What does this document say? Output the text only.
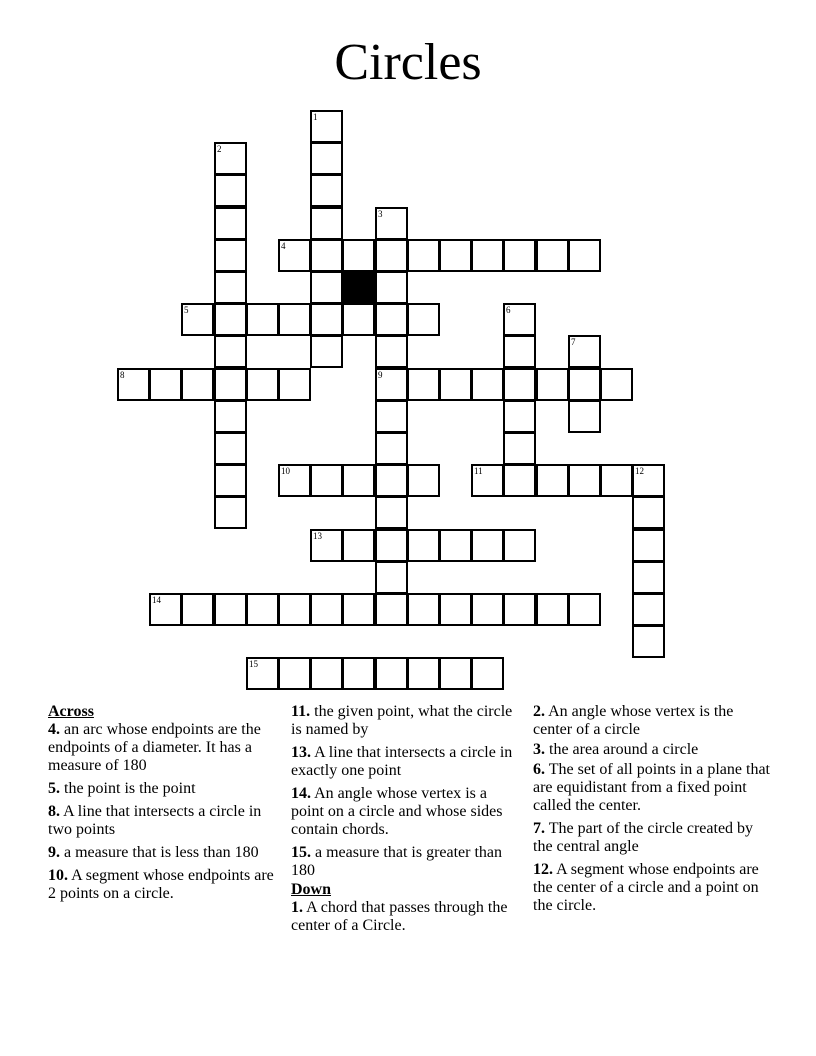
Circles
1
2
3
4
5	6
7
8	9
10	11	12
13
14
15
Across
4. an arc whose endpoints are the endpoints of a diameter. It has a measure of 180
5. the point is the point
8. A line that intersects a circle in two points
9. a measure that is less than 180
10. A segment whose endpoints are 2 points on a circle.
11. the given point, what the circle is named by
13. A line that intersects a circle in exactly one point
14. An angle whose vertex is a point on a circle and whose sides contain chords.
15. a measure that is greater than 180
Down
1. A chord that passes through the center of a Circle.
2. An angle whose vertex is the center of a circle
3. the area around a circle
6. The set of all points in a plane that are equidistant from a fixed point called the center.
7. The part of the circle created by the central angle
12. A segment whose endpoints are the center of a circle and a point on the circle.
